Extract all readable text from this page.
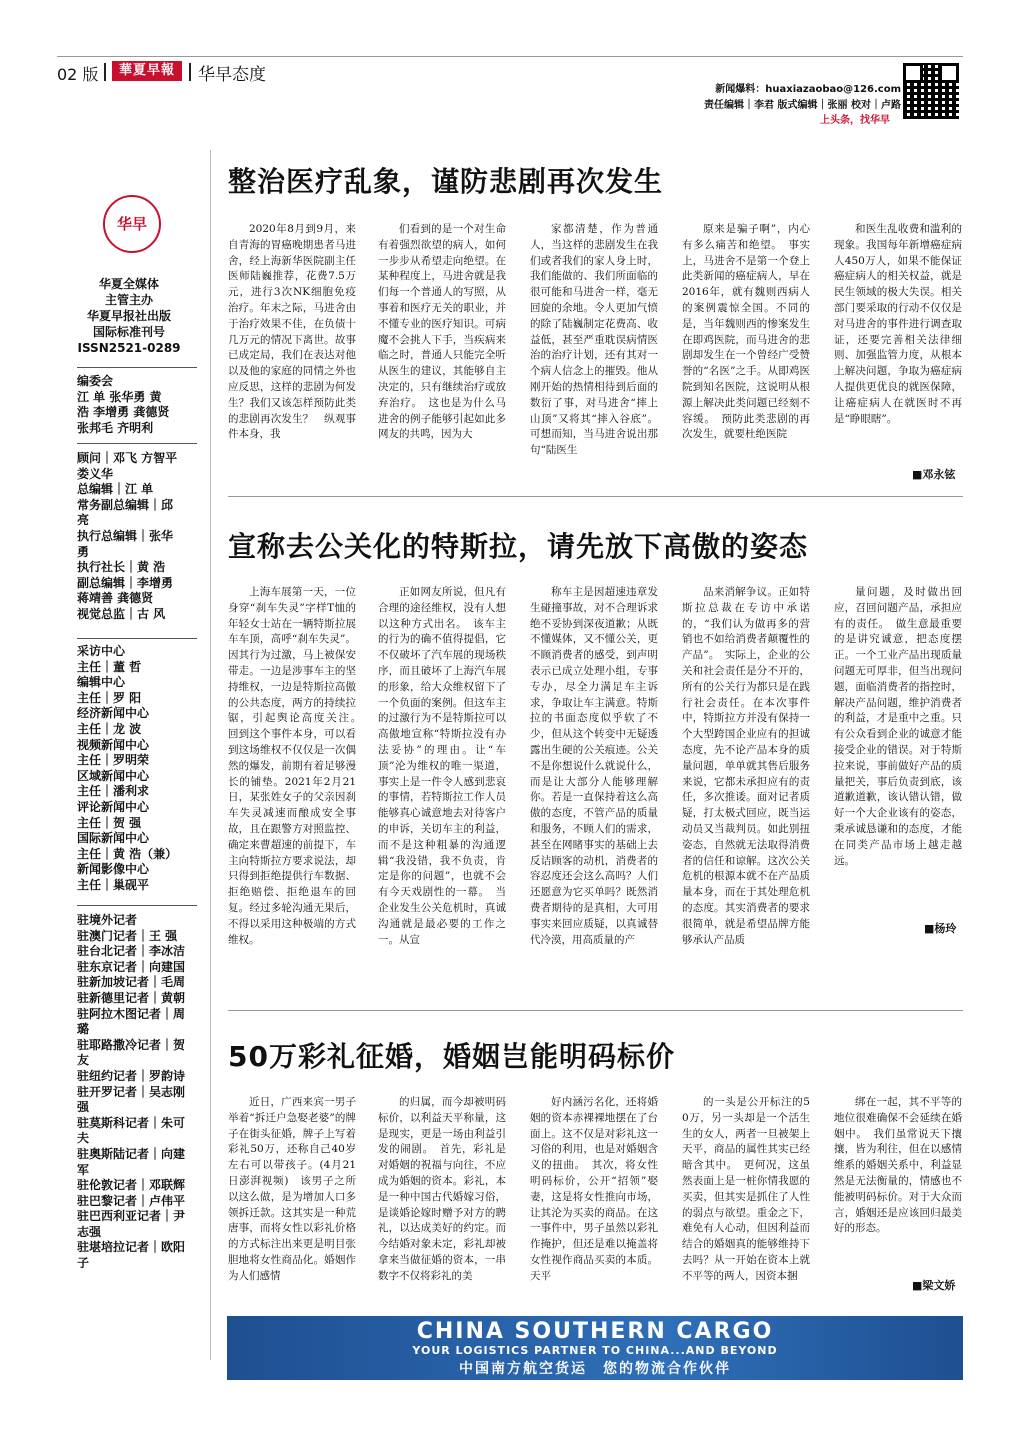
02 版	華夏早報	华早态度
新闻爆料：huaxiazaobao@126.com
责任编辑｜李君 版式编辑｜张丽 校对｜卢路
上头条，找华早
华早
华夏全媒体
主管主办
华夏早报社出版
国际标准刊号
ISSN2521-0289
编委会
江 单 张华勇 黄
浩 李增勇 龚德贤
张邦毛 齐明利
顾问｜邓飞 方智平
娄义华
总编辑｜江 单
常务副总编辑｜邱
亮
执行总编辑｜张华
勇
执行社长｜黄 浩
副总编辑｜李增勇
蒋靖善 龚德贤
视觉总监｜古 风
采访中心
主任｜董 哲
编辑中心
主任｜罗 阳
经济新闻中心
主任｜龙 波
视频新闻中心
主任｜罗明荣
区域新闻中心
主任｜潘利求
评论新闻中心
主任｜贺 强
国际新闻中心
主任｜黄 浩（兼）
新闻影像中心
主任｜巢砚平
驻境外记者
驻澳门记者｜王 强
驻台北记者｜李冰洁
驻东京记者｜向建国
驻新加坡记者｜毛周
驻新德里记者｜黄朝
驻阿拉木图记者｜周
璐
驻耶路撒冷记者｜贺
友
驻纽约记者｜罗韵诗
驻开罗记者｜吴志刚
强
驻莫斯科记者｜朱可
夫
驻奥斯陆记者｜向建
军
驻伦敦记者｜邓联辉
驻巴黎记者｜卢伟平
驻巴西利亚记者｜尹
志强
驻堪培拉记者｜欧阳
子
整治医疗乱象，谨防悲剧再次发生

2020年8月到9月，来自青海的胃癌晚期患者马进舍，经上海新华医院副主任医师陆巍推荐，花费7.5万元，进行3次NK细胞免疫治疗。年末之际，马进舍由于治疗效果不佳，在负债十几万元的情况下离世。故事已成定局，我们在表达对他以及他的家庭的同情之外也应反思，这样的悲剧为何发生？我们又该怎样预防此类的悲剧再次发生？　纵观事件本身，我

们看到的是一个对生命有着强烈欲望的病人，如何一步步从希望走向绝望。在某种程度上，马进舍就是我们每一个普通人的写照，从事着和医疗无关的职业，并不懂专业的医疗知识。可病魔不会挑人下手，当疾病来临之时，普通人只能完全听从医生的建议，其能够自主决定的，只有继续治疗或放弃治疗。　这也是为什么马进舍的例子能够引起如此多网友的共鸣，因为大

家都清楚，作为普通人，当这样的悲剧发生在我们或者我们的家人身上时，我们能做的、我们所面临的很可能和马进舍一样，毫无回旋的余地。令人更加气愤的除了陆巍制定花费高、收益低，甚至严重耽误病情医治的治疗计划，还有其对一个病人信念上的摧毁。他从刚开始的热情相待到后面的数衍了事，对马进舍“摔上山顶”又将其“摔入谷底”。可想而知，当马进舍说出那句“陆医生

原来是骗子啊”，内心有多么痛苦和绝望。　事实上，马进舍不是第一个登上此类新闻的癌症病人，早在2016年，就有魏则西病人的案例震惊全国。不同的是，当年魏则西的惨案发生在即鸡医院，而马进舍的悲剧却发生在一个曾经广受赞誉的“名医”之手。从即鸡医院到知名医院，这说明从根源上解决此类问题已经刻不容缓。　预防此类悲剧的再次发生，就要杜绝医院

和医生乱收费和滥利的现象。我国每年新增癌症病人450万人，如果不能保证癌症病人的相关权益，就是民生领域的极大失误。相关部门要采取的行动不仅仅是对马进舍的事件进行调查取证，还要完善相关法律细则、加强监管力度，从根本上解决问题，争取为癌症病人提供更优良的就医保障，让癌症病人在就医时不再是“睁眼瞎”。

■邓永铉
宣称去公关化的特斯拉，请先放下高傲的姿态

上海车展第一天，一位身穿“刹车失灵”字样T恤的年轻女士站在一辆特斯拉展车车顶，高呼“刹车失灵”。因其行为过激，马上被保安带走。一边是涉事车主的坚持维权，一边是特斯拉高傲的公共态度，两方的持续拉锯，引起舆论高度关注。　回到这个事件本身，可以看到这场维权不仅仅是一次偶然的爆发，前期有着足够漫长的铺垫。2021年2月21日，某张姓女子的父亲因刹车失灵减速而酿成安全事故，且在跟警方对照监控、确定来曹超速的前提下，车主向特斯拉方要求说法，却只得到拒绝提供行车数据、拒绝赔偿、拒绝退车的回复。经过多轮沟通无果后，不得以采用这种极端的方式维权。

正如网友所说，但凡有合理的途径维权，没有人想以这种方式出名。　该车主的行为的确不值得提倡，它不仅破坏了汽车展的现场秩序，而且破坏了上海汽车展的形象，给大众维权留下了一个负面的案例。但这车主的过激行为不是特斯拉可以高傲地宣称“特斯拉没有办法妥协”的理由。让“车顶”沦为维权的唯一渠道，事实上是一件令人感到悲哀的事情，若特斯拉工作人员能够真心诚意地去对待客户的申诉，关切车主的利益，而不是这种粗暴的沟通逻辑“我没错，我不负责，肯定是你的问题”，也就不会有今天戏剧性的一幕。　当企业发生公关危机时，真诚沟通就是最必要的工作之一。从宣

称车主是因超速违章发生碰撞事故，对不合理诉求绝不妥协到深夜道歉；从既不懂媒体，又不懂公关，更不顾消费者的感受，到声明表示已成立处理小组，专事专办，尽全力满足车主诉求，争取让车主满意。特斯拉的书面态度似乎软了不少，但从这个转变中无疑透露出生硬的公关痕迹。公关不是你想说什么就说什么，而是让大部分人能够理解你。若是一直保持着这么高傲的态度，不管产品的质量和服务，不顾人们的需求，甚至在网睹事实的基础上去反诘顾客的动机，消费者的容忍度还会这么高吗？人们还愿意为它买单吗？既然消费者期待的是真相，大可用事实来回应质疑，以真诚替代冷漠，用高质量的产

品来消解争议。正如特斯拉总裁在专访中承诺的，“我们认为做再多的营销也不如给消费者颠覆性的产品”。　实际上，企业的公关和社会责任是分不开的，所有的公关行为都只是在践行社会责任。在本次事件中，特斯拉方并没有保持一个大型跨国企业应有的担诚态度，先不论产品本身的质量问题，单单就其售后服务来说，它都未承担应有的责任，多次推诿。面对记者质疑，打太极式回应，既当运动员又当裁判员。如此别扭姿态，自然就无法取得消费者的信任和谅解。这次公关危机的根源本就不在产品质量本身，而在于其处理危机的态度。其实消费者的要求很简单，就是希望品牌方能够承认产品质

量问题，及时做出回应，召回问题产品，承担应有的责任。　做生意最重要的是讲究诚意，把态度摆正。一个工业产品出现质量问题无可厚非，但当出现问题，面临消费者的指控时，解决产品问题，维护消费者的利益，才是重中之重。只有公众看到企业的诚意才能接受企业的错误。对于特斯拉来说，事前做好产品的质量把关，事后负责到底，该道歉道歉，该认错认错，做好一个大企业该有的姿态，秉承诚恳谦和的态度，才能在同类产品市场上越走越远。

■杨玲
50万彩礼征婚，婚姻岂能明码标价

近日，广西来宾一男子举着“拆迁户急娶老婆”的牌子在街头征婚，牌子上写着彩礼50万，还称自己40岁左右可以带孩子。(4月21日澎湃视频)　该男子之所以这么做，是为增加人口多领拆迁款。这其实是一种荒唐事，而将女性以彩礼价格的方式标注出来更是明目张胆地将女性商品化。婚姻作为人们感情

的归属，而今却被明码标价，以利益天平称量，这是现实，更是一场由利益引发的闹剧。　首先，彩礼是对婚姻的祝福与向往，不应成为婚姻的资本。彩礼，本是一种中国古代婚嫁习俗，是谈婚论嫁时赠予对方的聘礼，以达成美好的约定。而今结婚对象未定，彩礼却被拿来当做征婚的资本，一串数字不仅将彩礼的美

好内涵污名化，还将婚姻的资本赤裸裸地摆在了台面上。这不仅是对彩礼这一习俗的利用，也是对婚姻含义的扭曲。　其次，将女性明码标价，公开“招领”娶妻，这是将女性推向市场，让其沦为买卖的商品。在这一事件中，男子虽然以彩礼作掩护，但还是难以掩盖将女性视作商品买卖的本质。天平

的一头是公开标注的50万，另一头却是一个活生生的女人，两者一旦被架上天平，商品的属性其实已经暗含其中。　更何况，这虽然表面上是一桩你情我愿的买卖，但其实是抓住了人性的弱点与欲望。重金之下，难免有人心动，但因利益而结合的婚姻真的能够维持下去吗？从一开始在资本上就不平等的两人，因资本捆

绑在一起，其不平等的地位很难确保不会延续在婚姻中。　我们虽常说天下攘攘，皆为利往，但在以感情维系的婚姻关系中，利益显然是无法衡量的，情感也不能被明码标价。对于大众而言，婚姻还是应该回归最美好的形态。

■梁文娇
CHINA SOUTHERN CARGO
YOUR LOGISTICS PARTNER TO CHINA...AND BEYOND
中国南方航空货运　您的物流合作伙伴
